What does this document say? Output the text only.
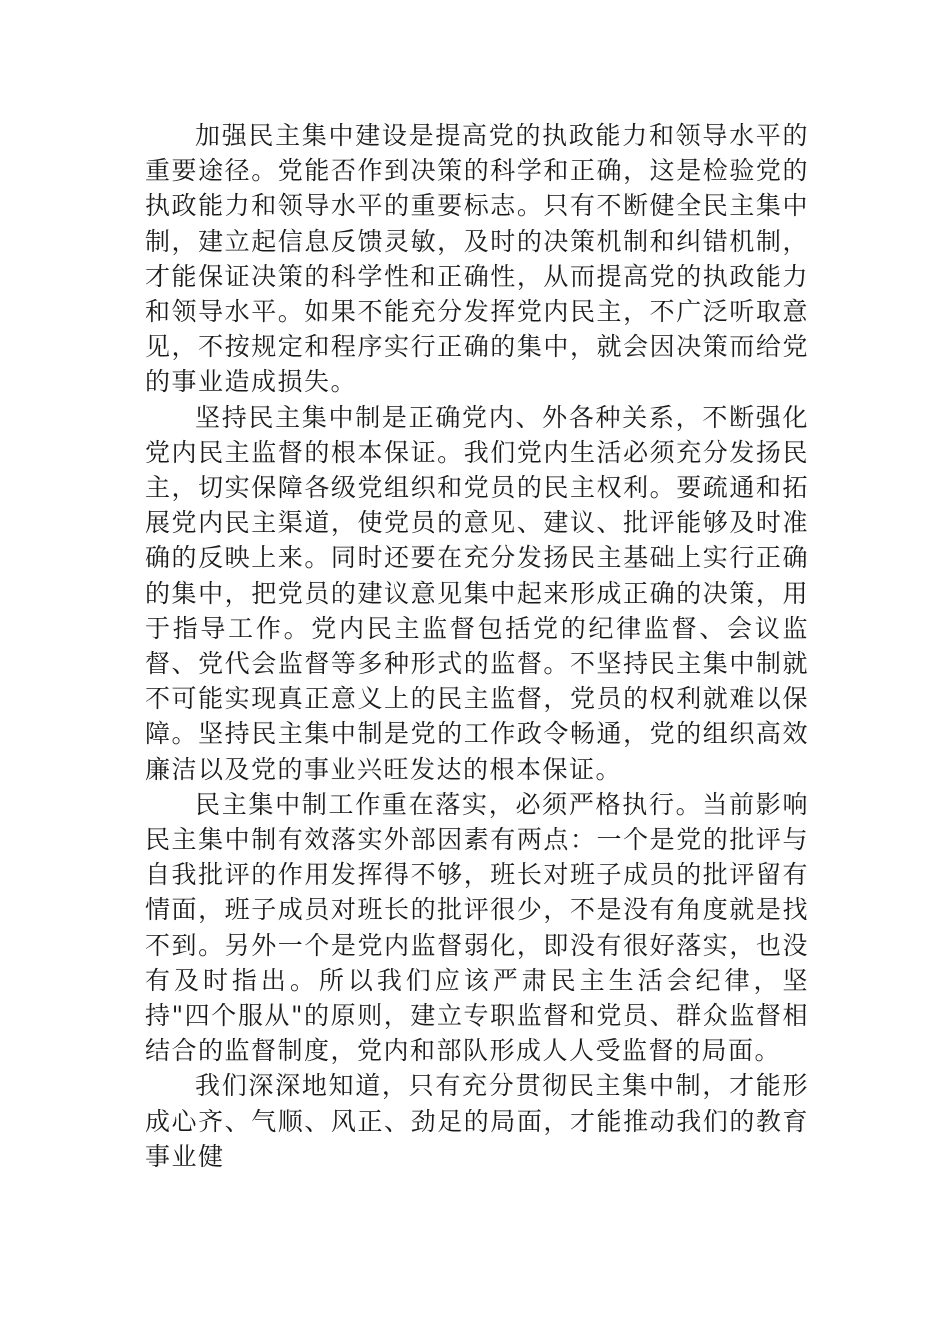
加强民主集中建设是提高党的执政能力和领导水平的重要途径。党能否作到决策的科学和正确，这是检验党的执政能力和领导水平的重要标志。只有不断健全民主集中制，建立起信息反馈灵敏，及时的决策机制和纠错机制，才能保证决策的科学性和正确性，从而提高党的执政能力和领导水平。如果不能充分发挥党内民主，不广泛听取意见，不按规定和程序实行正确的集中，就会因决策而给党的事业造成损失。

坚持民主集中制是正确党内、外各种关系，不断强化党内民主监督的根本保证。我们党内生活必须充分发扬民主，切实保障各级党组织和党员的民主权利。要疏通和拓展党内民主渠道，使党员的意见、建议、批评能够及时准确的反映上来。同时还要在充分发扬民主基础上实行正确的集中，把党员的建议意见集中起来形成正确的决策，用于指导工作。党内民主监督包括党的纪律监督、会议监督、党代会监督等多种形式的监督。不坚持民主集中制就不可能实现真正意义上的民主监督，党员的权利就难以保障。坚持民主集中制是党的工作政令畅通，党的组织高效廉洁以及党的事业兴旺发达的根本保证。

民主集中制工作重在落实，必须严格执行。当前影响民主集中制有效落实外部因素有两点：一个是党的批评与自我批评的作用发挥得不够，班长对班子成员的批评留有情面，班子成员对班长的批评很少，不是没有角度就是找不到。另外一个是党内监督弱化，即没有很好落实，也没有及时指出。所以我们应该严肃民主生活会纪律，坚持"四个服从"的原则，建立专职监督和党员、群众监督相结合的监督制度，党内和部队形成人人受监督的局面。

我们深深地知道，只有充分贯彻民主集中制，才能形成心齐、气顺、风正、劲足的局面，才能推动我们的教育事业健
